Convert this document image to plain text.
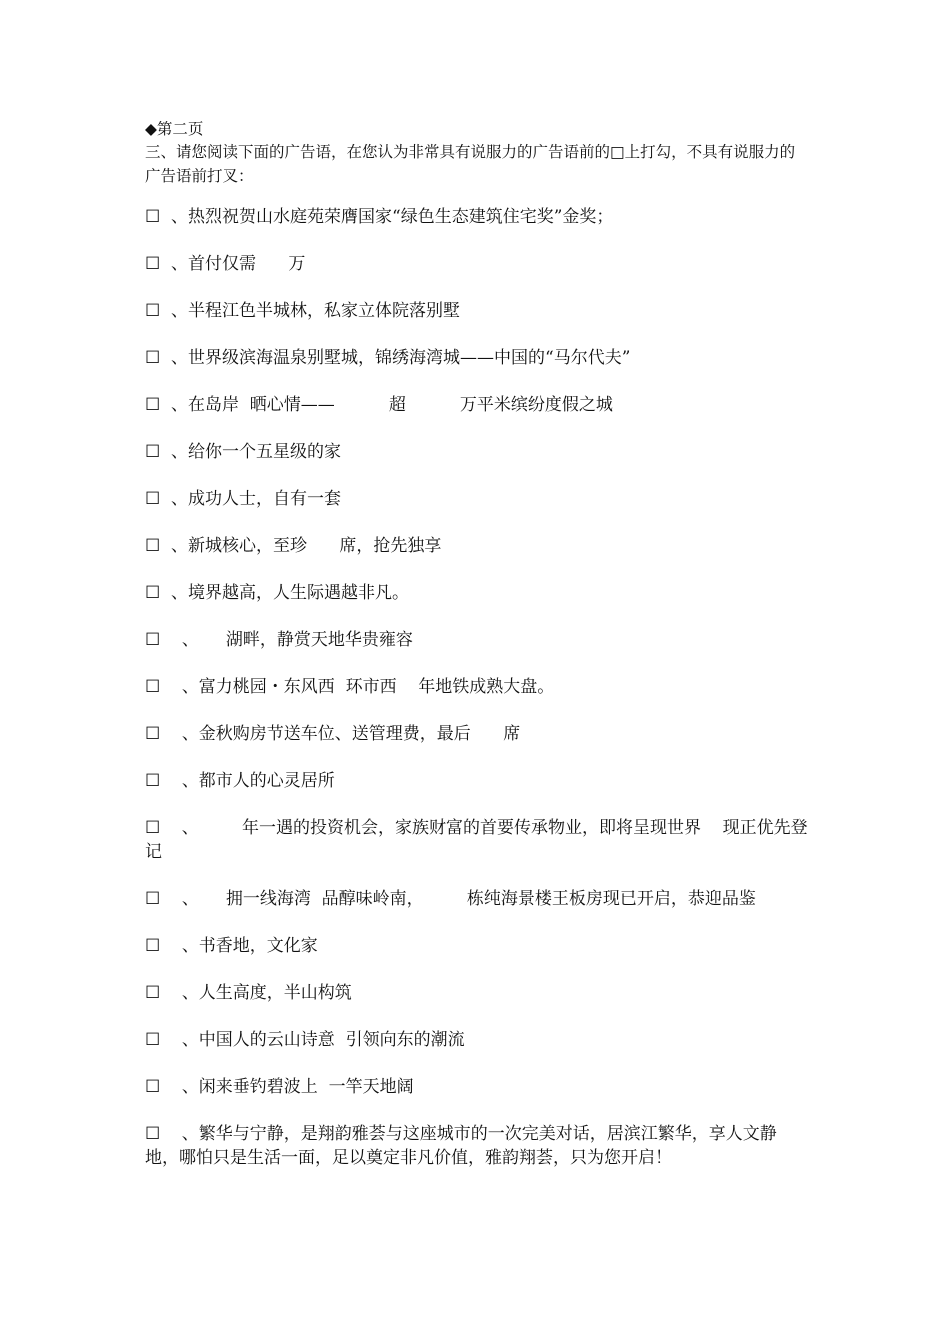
◆第二页

三、请您阅读下面的广告语，在您认为非常具有说服力的广告语前的□上打勾，不具有说服力的广告语前打叉：

☐ 、热烈祝贺山水庭苑荣膺国家“绿色生态建筑住宅奖”金奖；
☐ 、首付仅需      万
☐ 、半程江色半城林，私家立体院落别墅
☐ 、世界级滨海温泉别墅城，锦绣海湾城——中国的“马尔代夫”
☐ 、在岛岸  晒心情——          超          万平米缤纷度假之城
☐ 、给你一个五星级的家
☐ 、成功人士，自有一套
☐ 、新城核心，至珍      席，抢先独享
☐ 、境界越高，人生际遇越非凡。
☐ 、     湖畔，静赏天地华贵雍容
☐ 、富力桃园・东风西  环市西    年地铁成熟大盘。
☐ 、金秋购房节送车位、送管理费，最后      席
☐ 、都市人的心灵居所
☐  、        年一遇的投资机会，家族财富的首要传承物业，即将呈现世界    现正优先登记
☐ 、     拥一线海湾  品醇味岭南，        栋纯海景楼王板房现已开启，恭迎品鉴
☐ 、书香地，文化家
☐ 、人生高度，半山构筑
☐ 、中国人的云山诗意  引领向东的潮流
☐ 、闲来垂钓碧波上  一竿天地阔
☐  、繁华与宁静，是翔韵雅荟与这座城市的一次完美对话，居滨江繁华，享人文静地，哪怕只是生活一面，足以奠定非凡价值，雅韵翔荟，只为您开启！
